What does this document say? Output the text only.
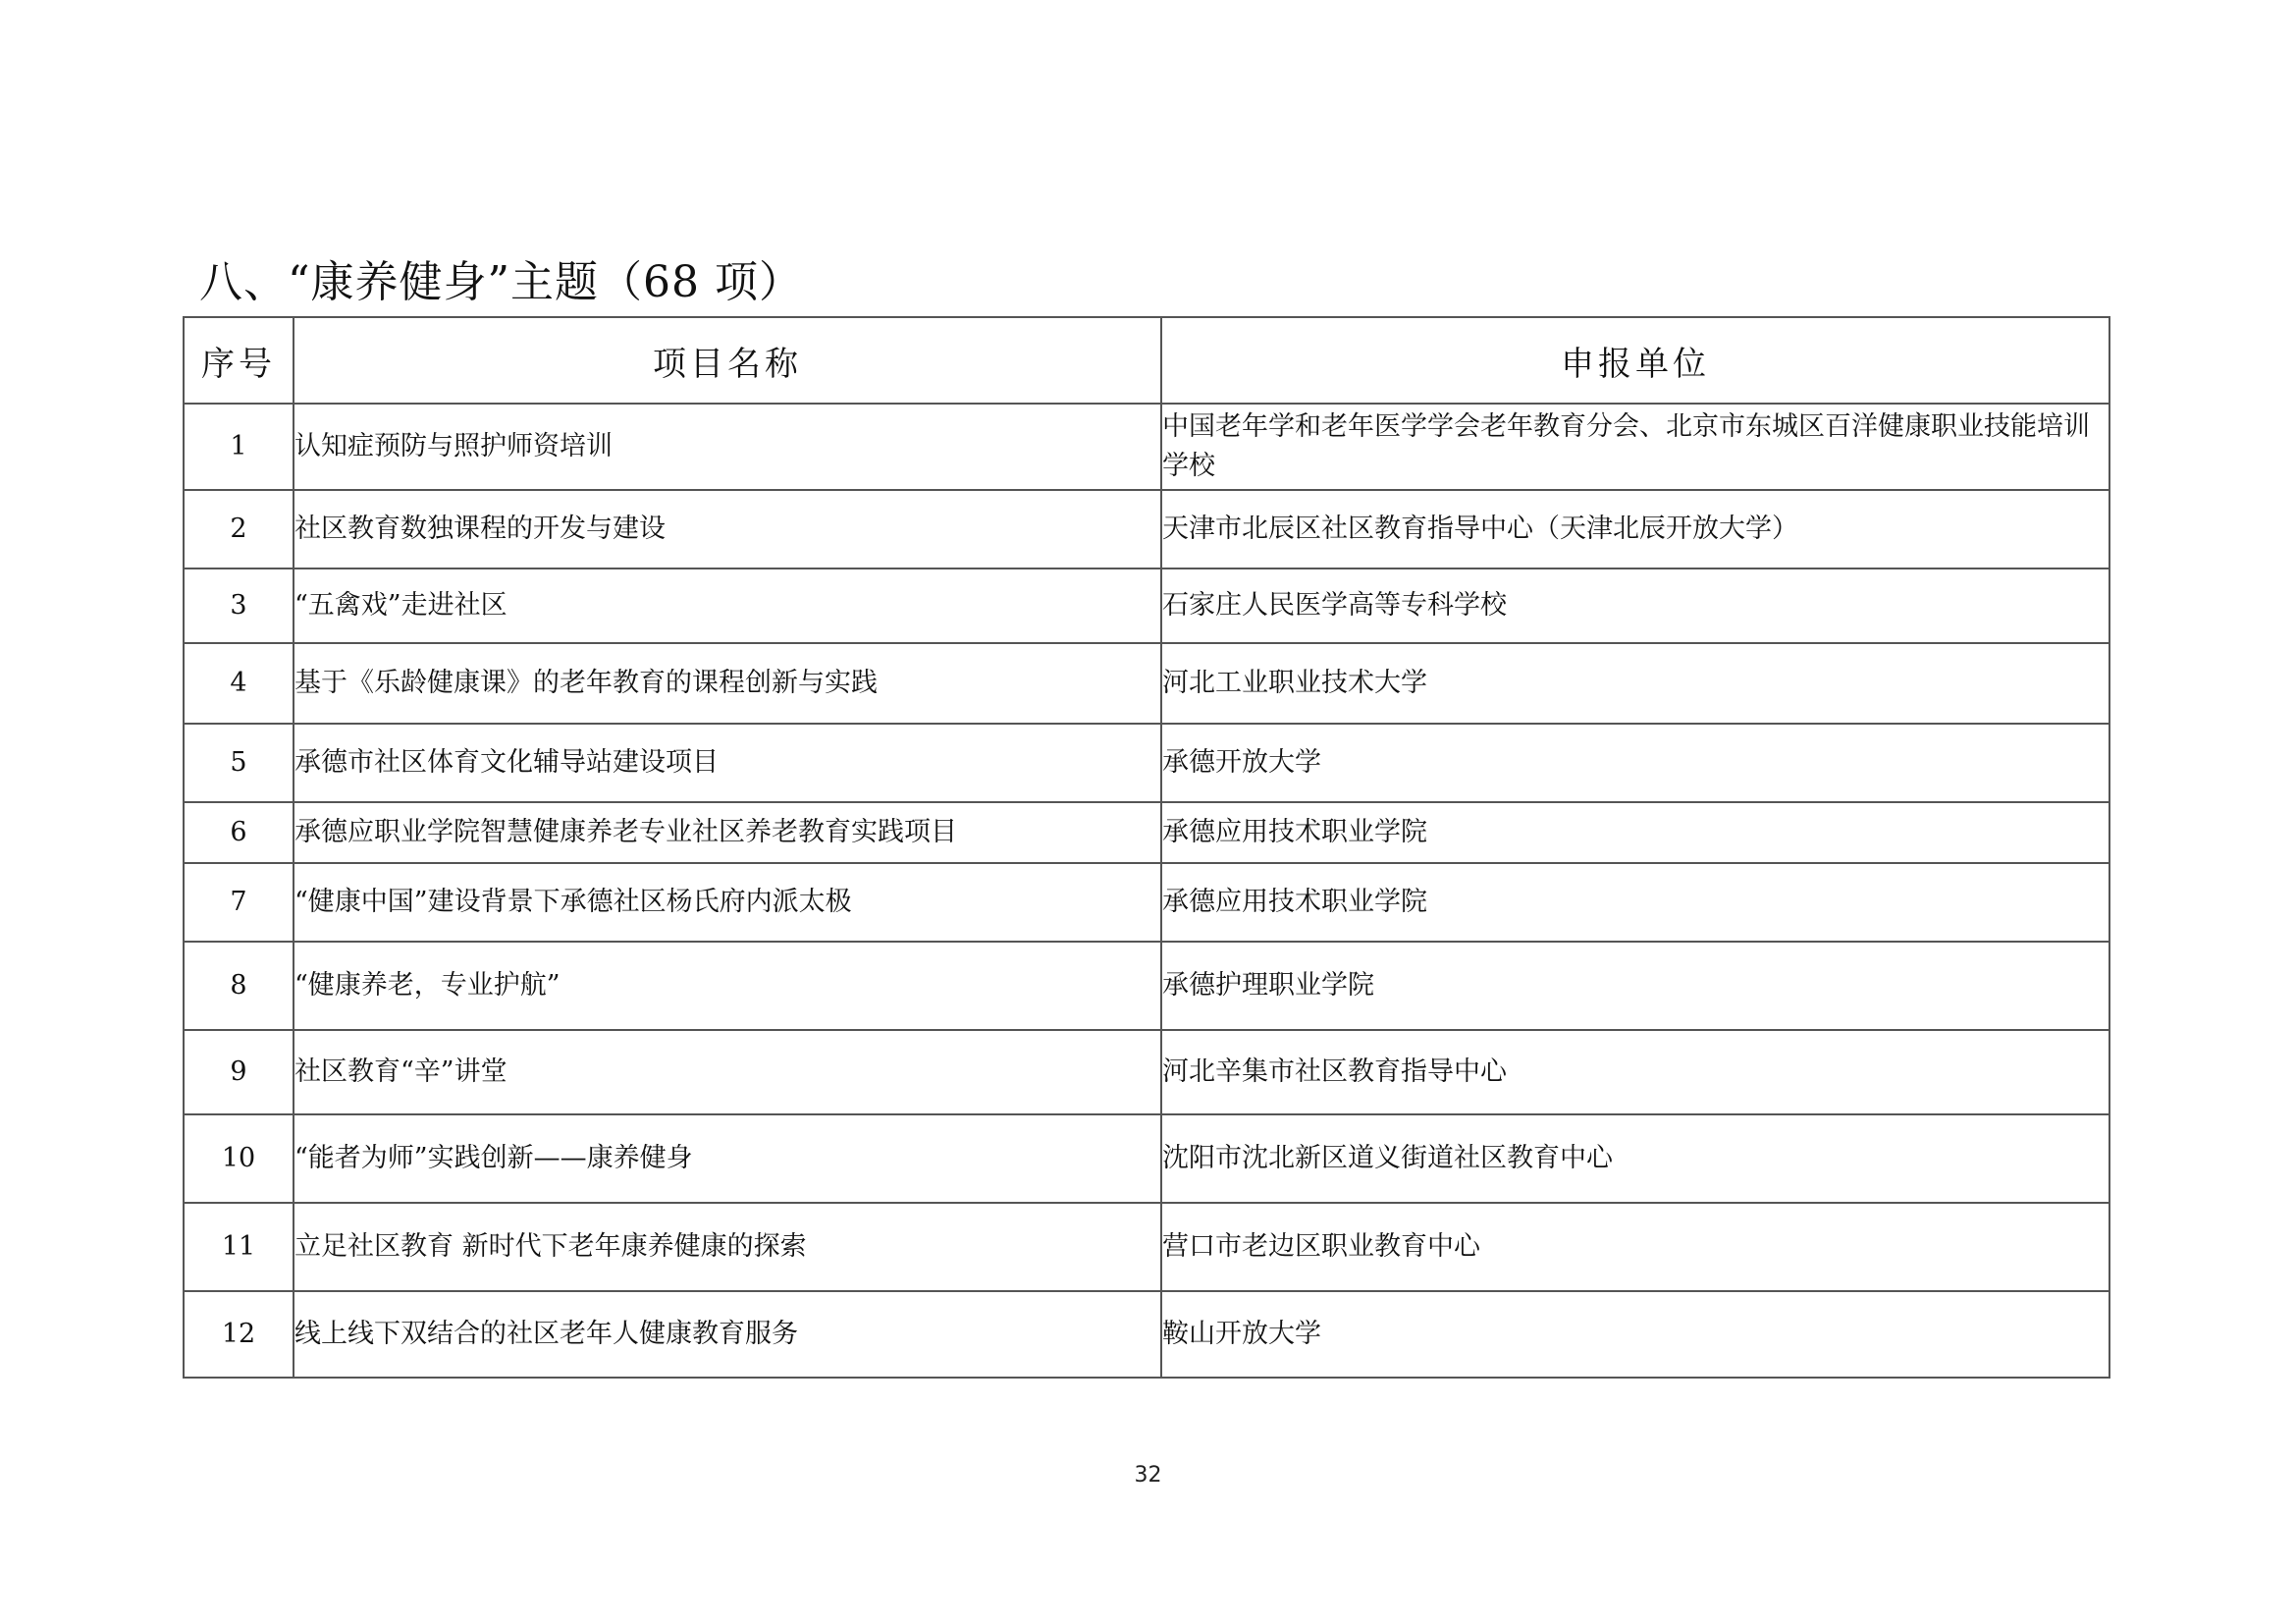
八、“康养健身”主题（68 项）
序号	项目名称	申报单位
1	认知症预防与照护师资培训	中国老年学和老年医学学会老年教育分会、北京市东城区百洋健康职业技能培训学校
2	社区教育数独课程的开发与建设	天津市北辰区社区教育指导中心（天津北辰开放大学）
3	“五禽戏”走进社区	石家庄人民医学高等专科学校
4	基于《乐龄健康课》的老年教育的课程创新与实践	河北工业职业技术大学
5	承德市社区体育文化辅导站建设项目	承德开放大学
6	承德应职业学院智慧健康养老专业社区养老教育实践项目	承德应用技术职业学院
7	“健康中国”建设背景下承德社区杨氏府内派太极	承德应用技术职业学院
8	“健康养老，专业护航”	承德护理职业学院
9	社区教育“辛”讲堂	河北辛集市社区教育指导中心
10	“能者为师”实践创新——康养健身	沈阳市沈北新区道义街道社区教育中心
11	立足社区教育 新时代下老年康养健康的探索	营口市老边区职业教育中心
12	线上线下双结合的社区老年人健康教育服务	鞍山开放大学
32
